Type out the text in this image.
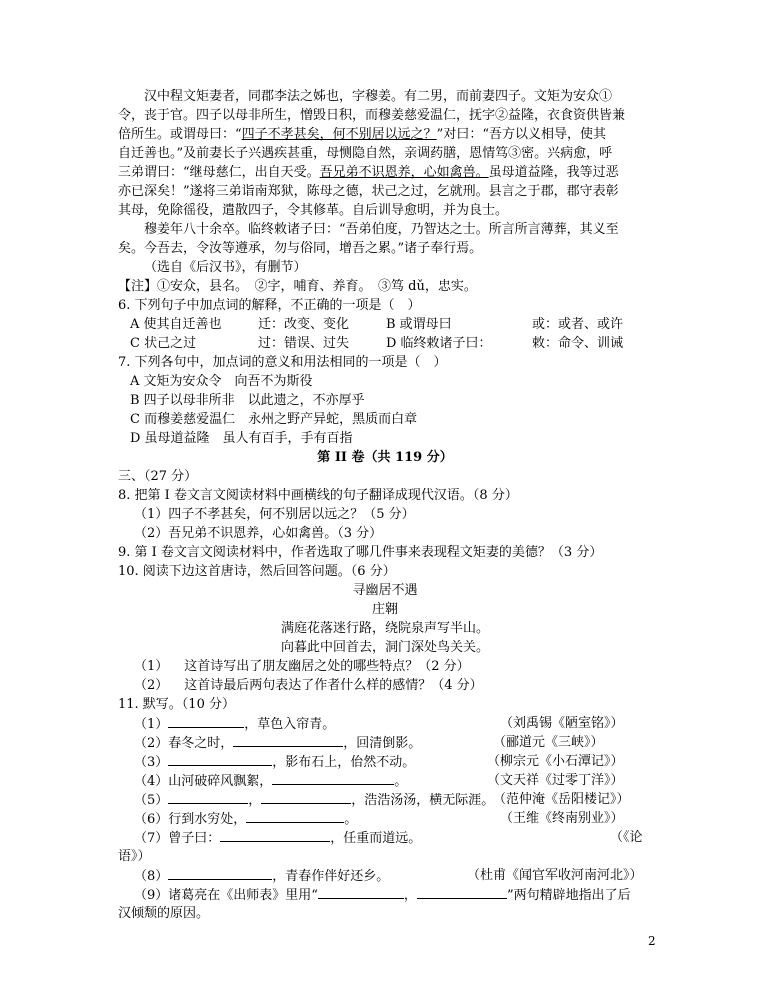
汉中程文矩妻者，同郡李法之姊也，字穆姜。有二男，而前妻四子。文矩为安众①
令，丧于官。四子以母非所生，憎毁日积，而穆姜慈爱温仁，抚字②益隆，衣食资供皆兼
倍所生。或谓母曰：“四子不孝甚矣，何不别居以远之？”对曰：“吾方以义相导，使其
自迁善也。”及前妻长子兴遇疾甚重，母恻隐自然，亲调药膳，恩情笃③密。兴病愈，呼
三弟谓曰：“继母慈仁，出自天受。吾兄弟不识恩养，心如禽兽。虽母道益隆，我等过恶
亦已深矣！”遂将三弟诣南郑狱，陈母之德，状己之过，乞就刑。县言之于郡，郡守表彰
其母，免除徭役，遣散四子，令其修革。自后训导愈明，并为良士。
穆姜年八十余卒。临终敕诸子曰：“吾弟伯度，乃智达之士。所言所言薄葬，其义至
矣。今吾去，令汝等遵承，勿与俗同，增吾之累。”诸子奉行焉。
（选自《后汉书》，有删节）
【注】①安众，县名。　②字，哺育、养育。　③笃 dǔ，忠实。
6. 下列句子中加点词的解释，不正确的一项是（　）
A 使其自迁善也	迁：改变、变化	B 或谓母曰	或：或者、或许
C 状己之过	过：错误、过失	D 临终敕诸子曰：	敕：命令、训诫
7. 下列各句中，加点词的意义和用法相同的一项是（　）
A 文矩为安众令　向吾不为斯役
B 四子以母非所非　以此遗之，不亦厚乎
C 而穆姜慈爱温仁　永州之野产异蛇，黑质而白章
D 虽母道益隆　虽人有百手，手有百指
第 II 卷（共 119 分）
三、（27 分）
8. 把第 I 卷文言文阅读材料中画横线的句子翻译成现代汉语。（8 分）
（1）四子不孝甚矣，何不别居以远之？（5 分）
（2）吾兄弟不识恩养，心如禽兽。（3 分）
9. 第 I 卷文言文阅读材料中，作者选取了哪几件事来表现程文矩妻的美德？（3 分）
10. 阅读下边这首唐诗，然后回答问题。（6 分）
寻幽居不遇
庄翱
满庭花落迷行路，绕院泉声写半山。
向暮此中回首去，洞门深处鸟关关。
（1） 这首诗写出了朋友幽居之处的哪些特点？（2 分）
（2） 这首诗最后两句表达了作者什么样的感情？（4 分）
11. 默写。（10 分）
（1）	，草色入帘青。	（刘禹锡《陋室铭》）
（2）春冬之时，	，回清倒影。	（郦道元《三峡》）
（3）	，影布石上，佁然不动。	（柳宗元《小石潭记》）
（4）山河破碎风飘絮，	。	（文天祥《过零丁洋》）
（5）	，	，浩浩汤汤，横无际涯。
（范仲淹《岳阳楼记》）
（6）行到水穷处，	。	（王维《终南别业》）
（7）曾子曰：	，任重而道远。	（《论
语》）
（8）	，青春作伴好还乡。	（杜甫《闻官军收河南河北》）
（9）诸葛亮在《出师表》里用“	，	”两句精辟地指出了后
汉倾颓的原因。
2
